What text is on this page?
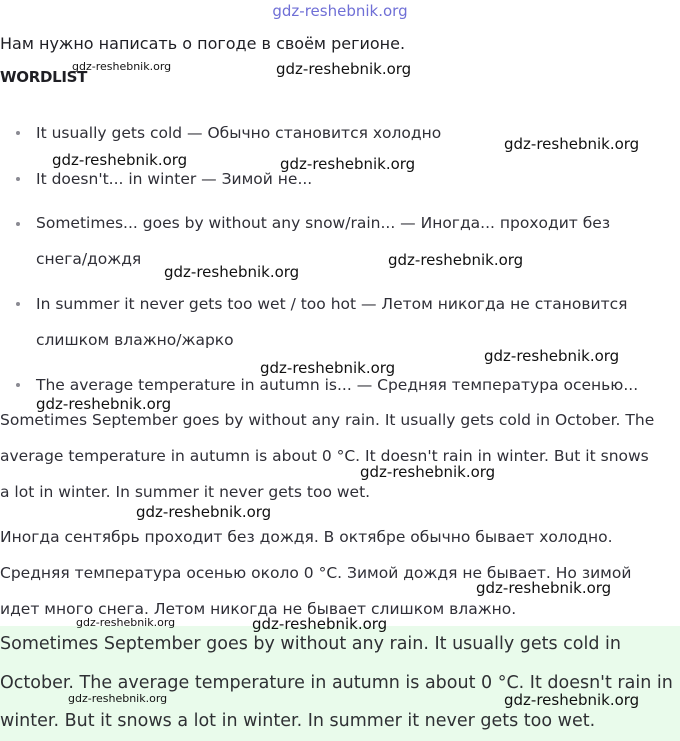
gdz-reshebnik.org
Нам нужно написать о погоде в своём регионе.
WORDLIST
It usually gets cold — Обычно становится холодно
It doesn't... in winter — Зимой не...
Sometimes... goes by without any snow/rain... — Иногда... проходит без
снега/дождя
In summer it never gets too wet / too hot — Летом никогда не становится
слишком влажно/жарко
The average temperature in autumn is... — Средняя температура осенью...
Sometimes September goes by without any rain. It usually gets cold in October. The
average temperature in autumn is about 0 °C. It doesn't rain in winter. But it snows
a lot in winter. In summer it never gets too wet.
Иногда сентябрь проходит без дождя. В октябре обычно бывает холодно.
Средняя температура осенью около 0 °C. Зимой дождя не бывает. Но зимой
идет много снега. Летом никогда не бывает слишком влажно.
Sometimes September goes by without any rain. It usually gets cold in
October. The average temperature in autumn is about 0 °C. It doesn't rain in
winter. But it snows a lot in winter. In summer it never gets too wet.
gdz-reshebnik.org	gdz-reshebnik.org
gdz-reshebnik.org
gdz-reshebnik.org	gdz-reshebnik.org
gdz-reshebnik.org
gdz-reshebnik.org
gdz-reshebnik.org
gdz-reshebnik.org
gdz-reshebnik.org
gdz-reshebnik.org
gdz-reshebnik.org
gdz-reshebnik.org
gdz-reshebnik.org	gdz-reshebnik.org
gdz-reshebnik.org	gdz-reshebnik.org
